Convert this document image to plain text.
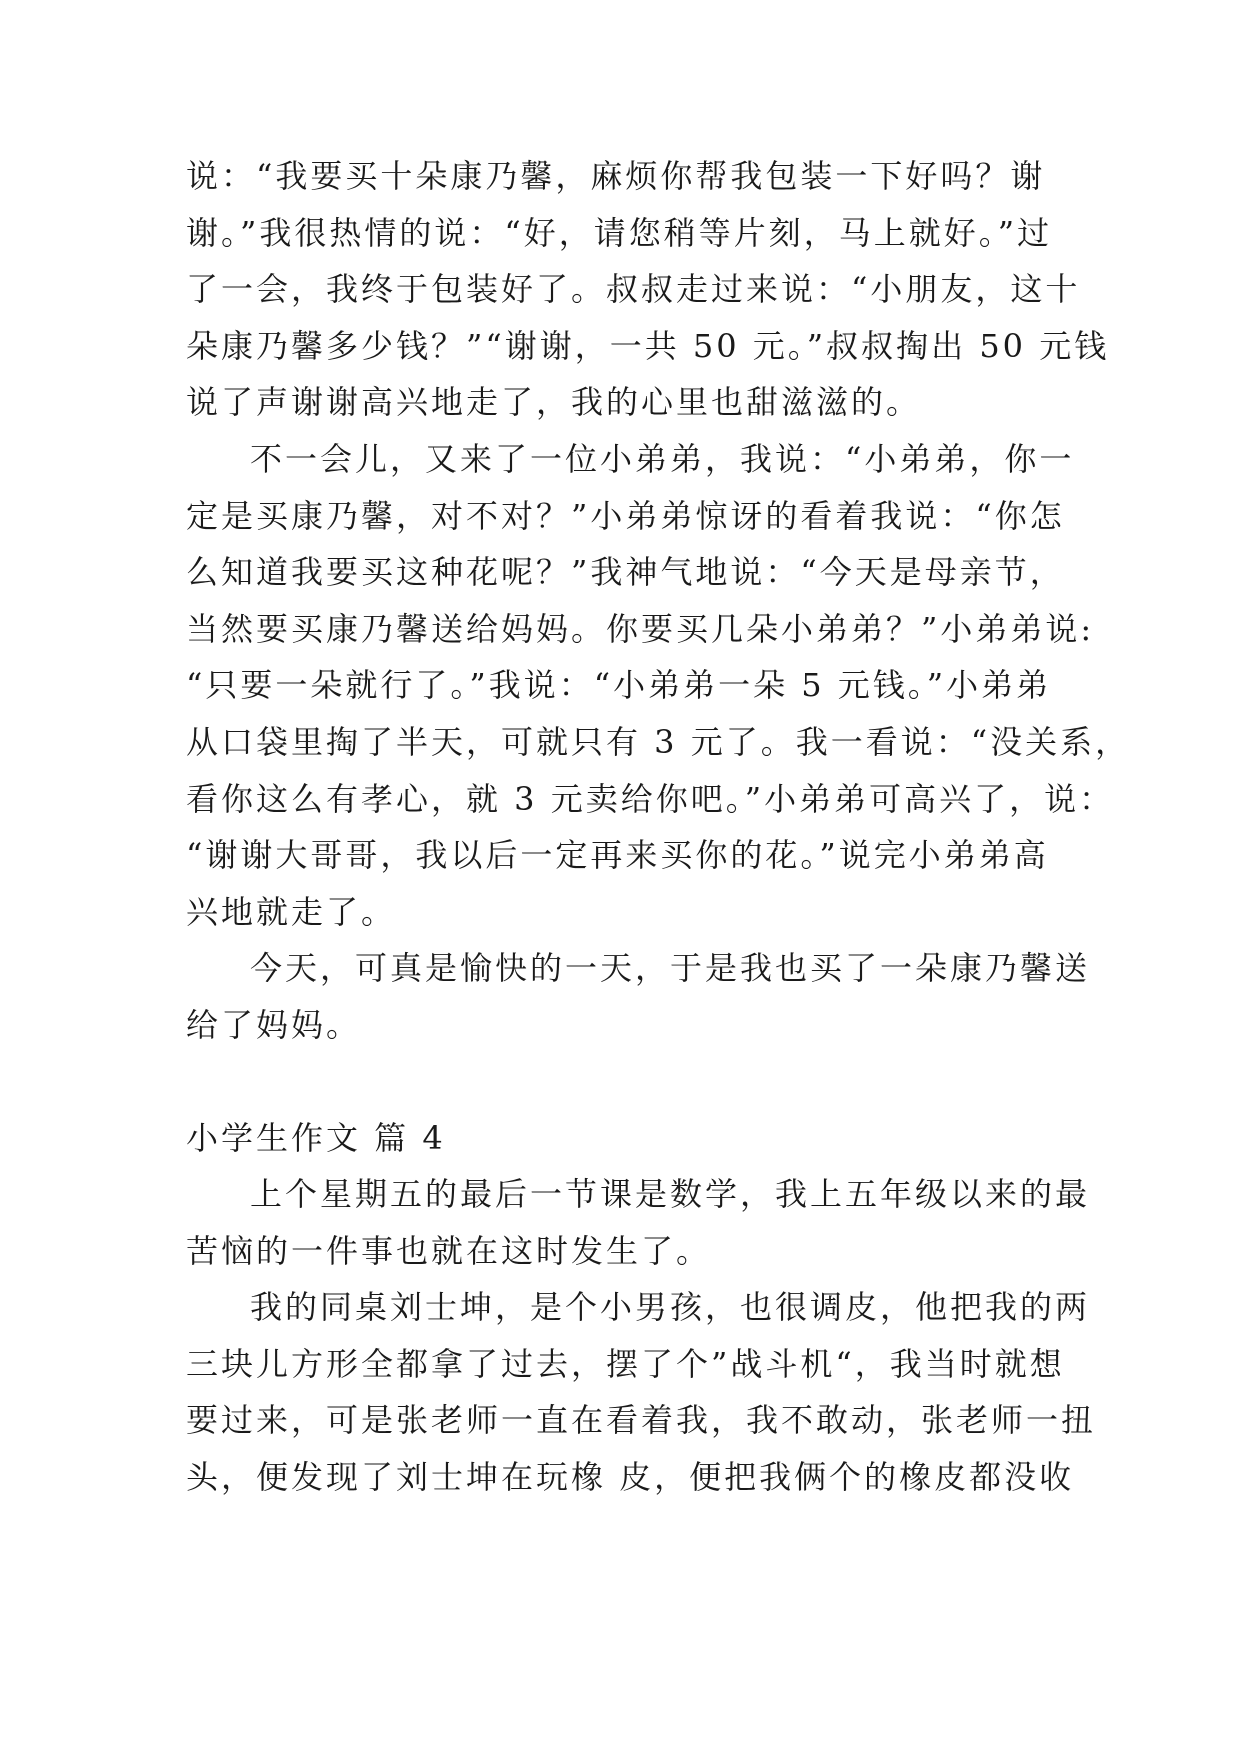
说：“我要买十朵康乃馨，麻烦你帮我包装一下好吗？谢
谢。”我很热情的说：“好，请您稍等片刻，马上就好。”过
了一会，我终于包装好了。叔叔走过来说：“小朋友，这十
朵康乃馨多少钱？”“谢谢，一共 50 元。”叔叔掏出 50 元钱
说了声谢谢高兴地走了，我的心里也甜滋滋的。
不一会儿，又来了一位小弟弟，我说：“小弟弟，你一
定是买康乃馨，对不对？”小弟弟惊讶的看着我说：“你怎
么知道我要买这种花呢？”我神气地说：“今天是母亲节，
当然要买康乃馨送给妈妈。你要买几朵小弟弟？”小弟弟说:
“只要一朵就行了。”我说：“小弟弟一朵 5 元钱。”小弟弟
从口袋里掏了半天，可就只有 3 元了。我一看说：“没关系，
看你这么有孝心，就 3 元卖给你吧。”小弟弟可高兴了，说：
“谢谢大哥哥，我以后一定再来买你的花。”说完小弟弟高
兴地就走了。
今天，可真是愉快的一天，于是我也买了一朵康乃馨送
给了妈妈。
小学生作文 篇 4
上个星期五的最后一节课是数学，我上五年级以来的最
苦恼的一件事也就在这时发生了。
我的同桌刘士坤，是个小男孩，也很调皮，他把我的两
三块儿方形全都拿了过去，摆了个”战斗机“，我当时就想
要过来，可是张老师一直在看着我，我不敢动，张老师一扭
头，便发现了刘士坤在玩橡 皮，便把我俩个的橡皮都没收
